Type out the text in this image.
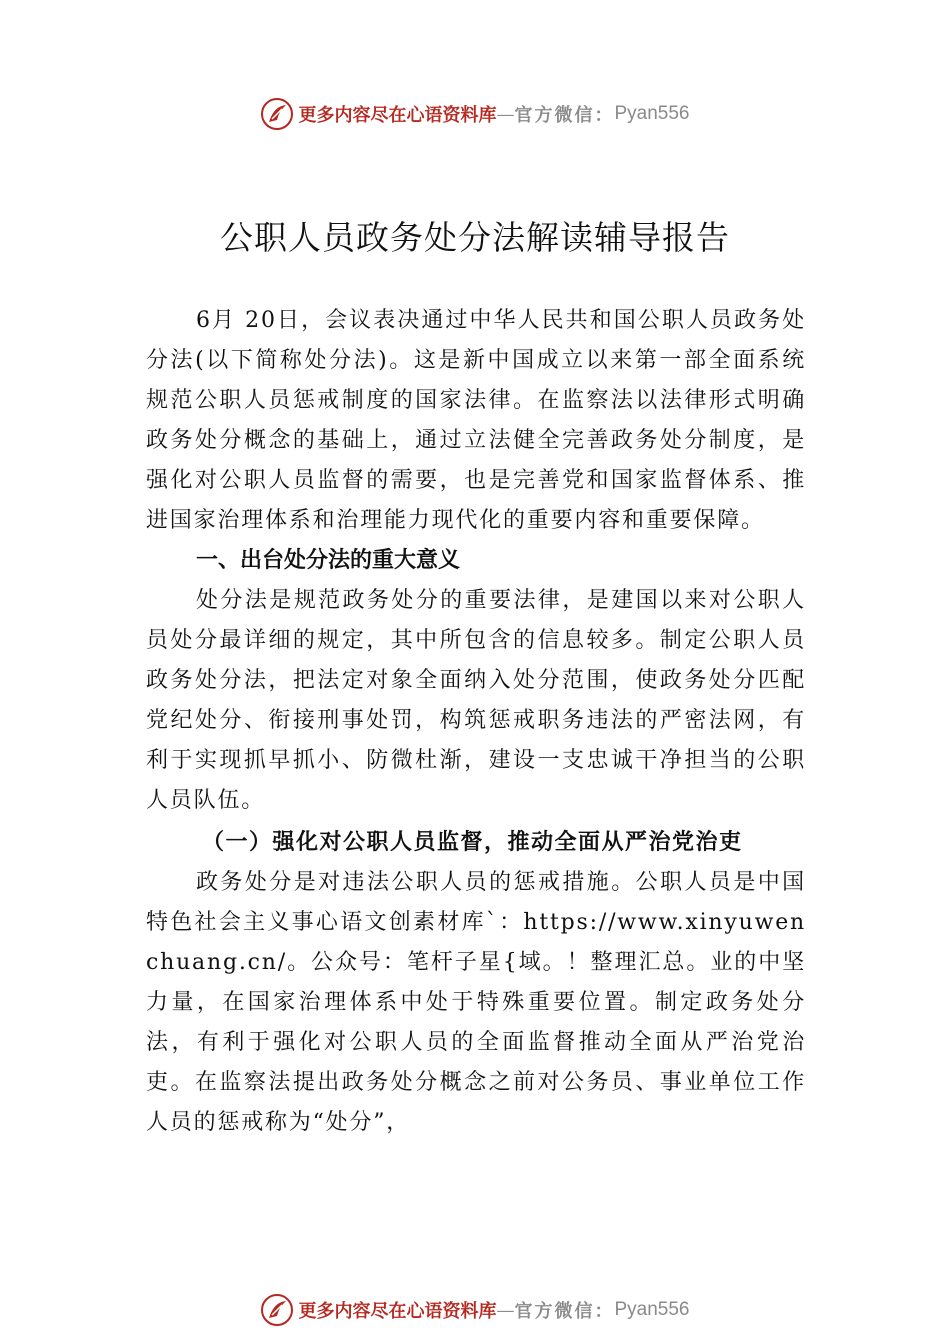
更多内容尽在心语资料库 — 官方微信： Pyan556
公职人员政务处分法解读辅导报告

6月 20日，会议表决通过中华人民共和国公职人员政务处分法(以下简称处分法)。这是新中国成立以来第一部全面系统规范公职人员惩戒制度的国家法律。在监察法以法律形式明确政务处分概念的基础上，通过立法健全完善政务处分制度，是强化对公职人员监督的需要，也是完善党和国家监督体系、推进国家治理体系和治理能力现代化的重要内容和重要保障。

一、出台处分法的重大意义

处分法是规范政务处分的重要法律，是建国以来对公职人员处分最详细的规定，其中所包含的信息较多。制定公职人员政务处分法，把法定对象全面纳入处分范围，使政务处分匹配党纪处分、衔接刑事处罚，构筑惩戒职务违法的严密法网，有利于实现抓早抓小、防微杜渐，建设一支忠诚干净担当的公职人员队伍。

（一）强化对公职人员监督，推动全面从严治党治吏

政务处分是对违法公职人员的惩戒措施。公职人员是中国特色社会主义事心语文创素材库`：https://www.xinyuwenchuang.cn/。公众号：笔杆子星{域。！整理汇总。业的中坚力量，在国家治理体系中处于特殊重要位置。制定政务处分法，有利于强化对公职人员的全面监督推动全面从严治党治吏。在监察法提出政务处分概念之前对公务员、事业单位工作人员的惩戒称为“处分”，

更多内容尽在心语资料库 — 官方微信： Pyan556
